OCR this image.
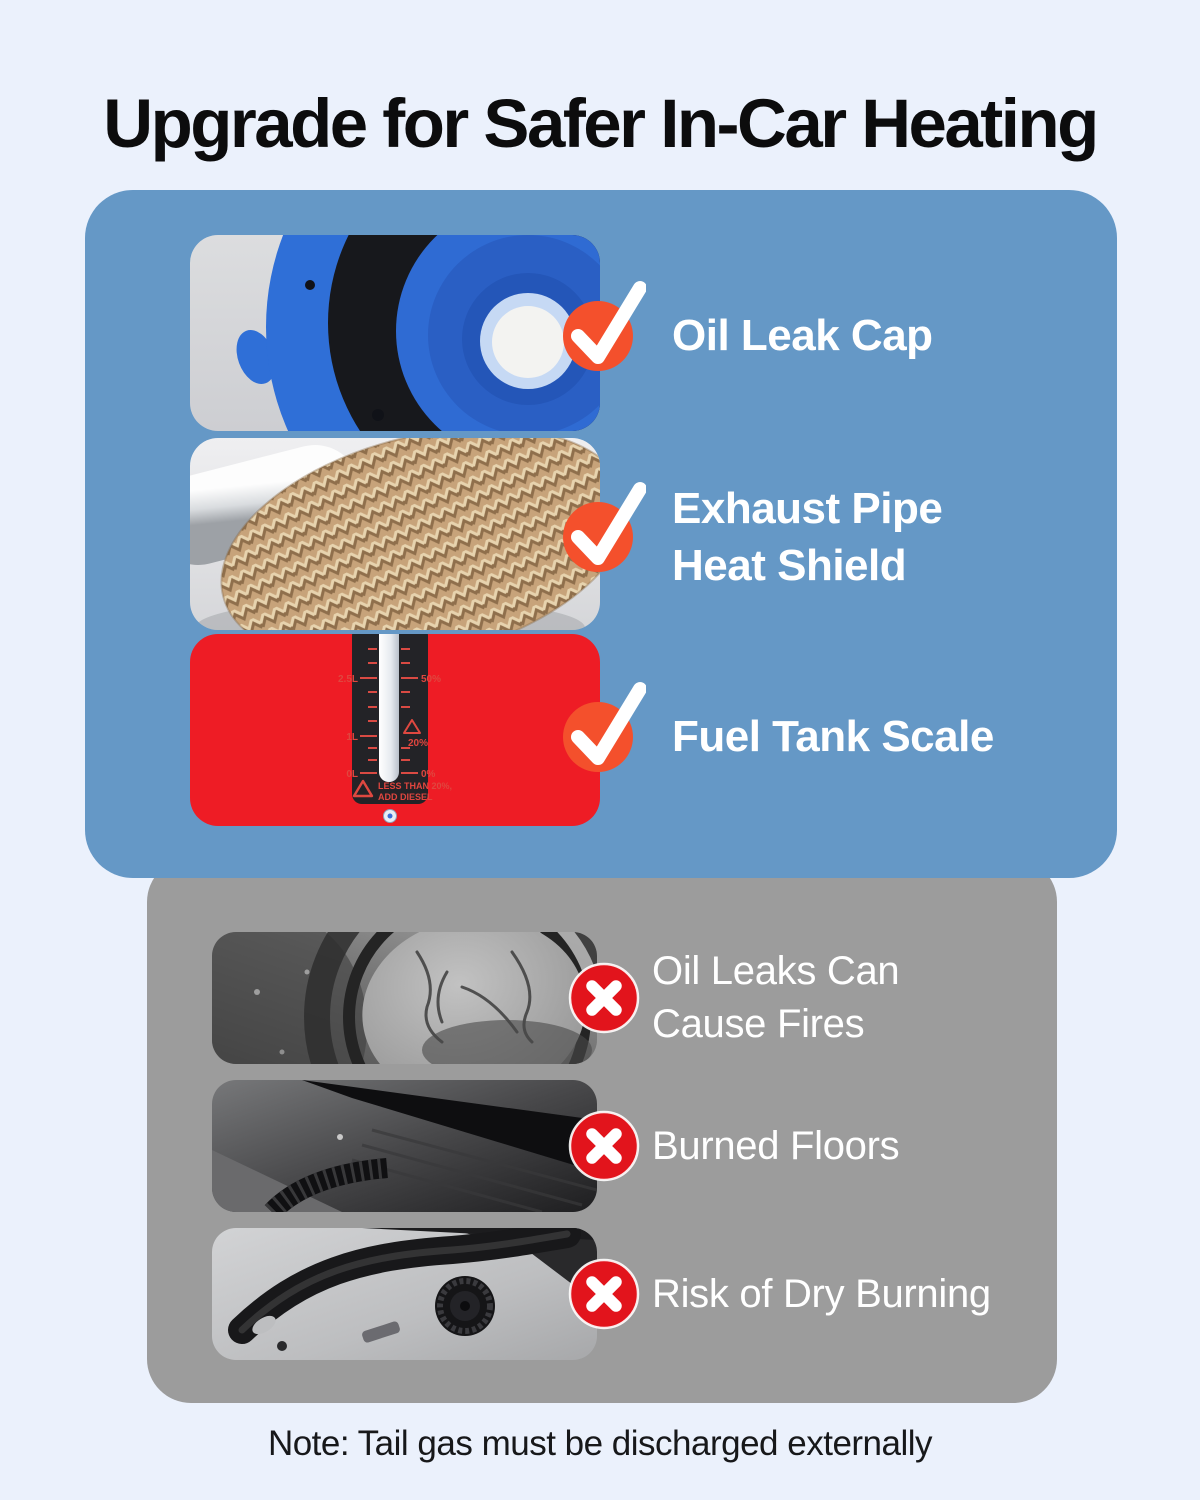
Upgrade for Safer In-Car Heating
Oil Leak Cap
Exhaust Pipe
Heat Shield
2.5L
1L
0L
50%
20%
0%
LESS THAN 20%,
ADD DIESEL
Fuel Tank Scale
Oil Leaks Can
Cause Fires
Burned Floors
Risk of Dry Burning
Note: Tail gas must be discharged externally
